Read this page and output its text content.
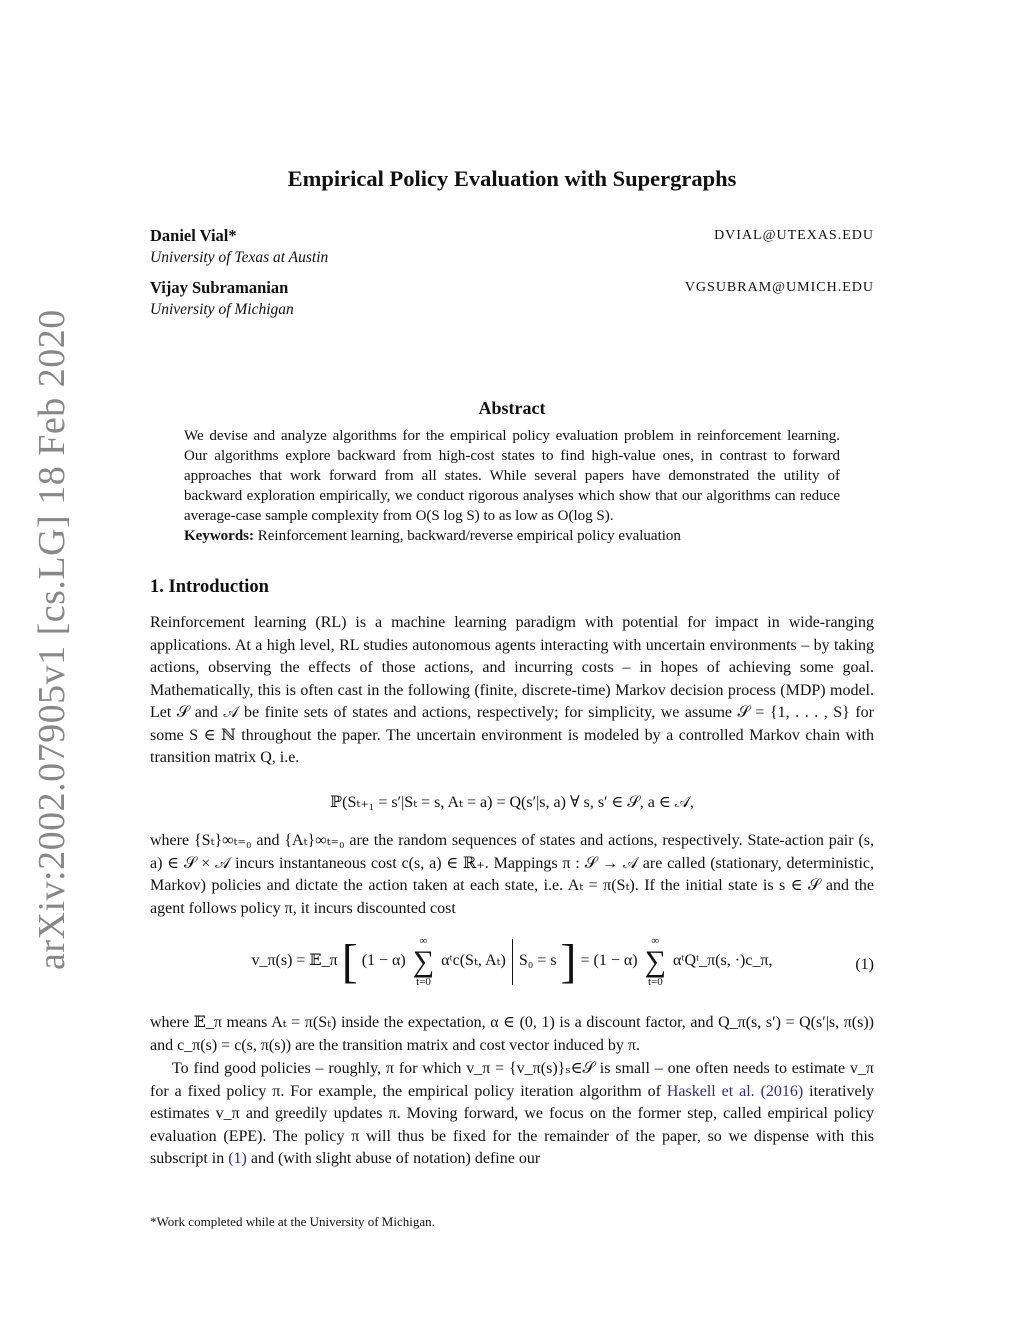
arXiv:2002.07905v1 [cs.LG] 18 Feb 2020
Empirical Policy Evaluation with Supergraphs
Daniel Vial*	DVIAL@UTEXAS.EDU
University of Texas at Austin
Vijay Subramanian	VGSUBRAM@UMICH.EDU
University of Michigan
Abstract
We devise and analyze algorithms for the empirical policy evaluation problem in reinforcement learning. Our algorithms explore backward from high-cost states to find high-value ones, in contrast to forward approaches that work forward from all states. While several papers have demonstrated the utility of backward exploration empirically, we conduct rigorous analyses which show that our algorithms can reduce average-case sample complexity from O(S log S) to as low as O(log S).
Keywords: Reinforcement learning, backward/reverse empirical policy evaluation
1. Introduction
Reinforcement learning (RL) is a machine learning paradigm with potential for impact in wide-ranging applications. At a high level, RL studies autonomous agents interacting with uncertain environments – by taking actions, observing the effects of those actions, and incurring costs – in hopes of achieving some goal. Mathematically, this is often cast in the following (finite, discrete-time) Markov decision process (MDP) model. Let 𝒮 and 𝒜 be finite sets of states and actions, respectively; for simplicity, we assume 𝒮 = {1, . . . , S} for some S ∈ ℕ throughout the paper. The uncertain environment is modeled by a controlled Markov chain with transition matrix Q, i.e.
ℙ(Sₜ₊₁ = s′|Sₜ = s, Aₜ = a) = Q(s′|s, a) ∀ s, s′ ∈ 𝒮, a ∈ 𝒜,
where {Sₜ}∞ₜ₌₀ and {Aₜ}∞ₜ₌₀ are the random sequences of states and actions, respectively. State-action pair (s, a) ∈ 𝒮 × 𝒜 incurs instantaneous cost c(s, a) ∈ ℝ₊. Mappings π : 𝒮 → 𝒜 are called (stationary, deterministic, Markov) policies and dictate the action taken at each state, i.e. Aₜ = π(Sₜ). If the initial state is s ∈ 𝒮 and the agent follows policy π, it incurs discounted cost
v_π(s) = 𝔼_π [ (1 − α)
∞
∑
t=0
αᵗc(Sₜ, Aₜ) S₀ = s ] = (1 − α)
∞
∑
t=0
αᵗQᵗ_π(s, ·)c_π,	(1)
where 𝔼_π means Aₜ = π(Sₜ) inside the expectation, α ∈ (0, 1) is a discount factor, and Q_π(s, s′) = Q(s′|s, π(s)) and c_π(s) = c(s, π(s)) are the transition matrix and cost vector induced by π.
To find good policies – roughly, π for which v_π = {v_π(s)}ₛ∈𝒮 is small – one often needs to estimate v_π for a fixed policy π. For example, the empirical policy iteration algorithm of Haskell et al. (2016) iteratively estimates v_π and greedily updates π. Moving forward, we focus on the former step, called empirical policy evaluation (EPE). The policy π will thus be fixed for the remainder of the paper, so we dispense with this subscript in (1) and (with slight abuse of notation) define our
*Work completed while at the University of Michigan.
